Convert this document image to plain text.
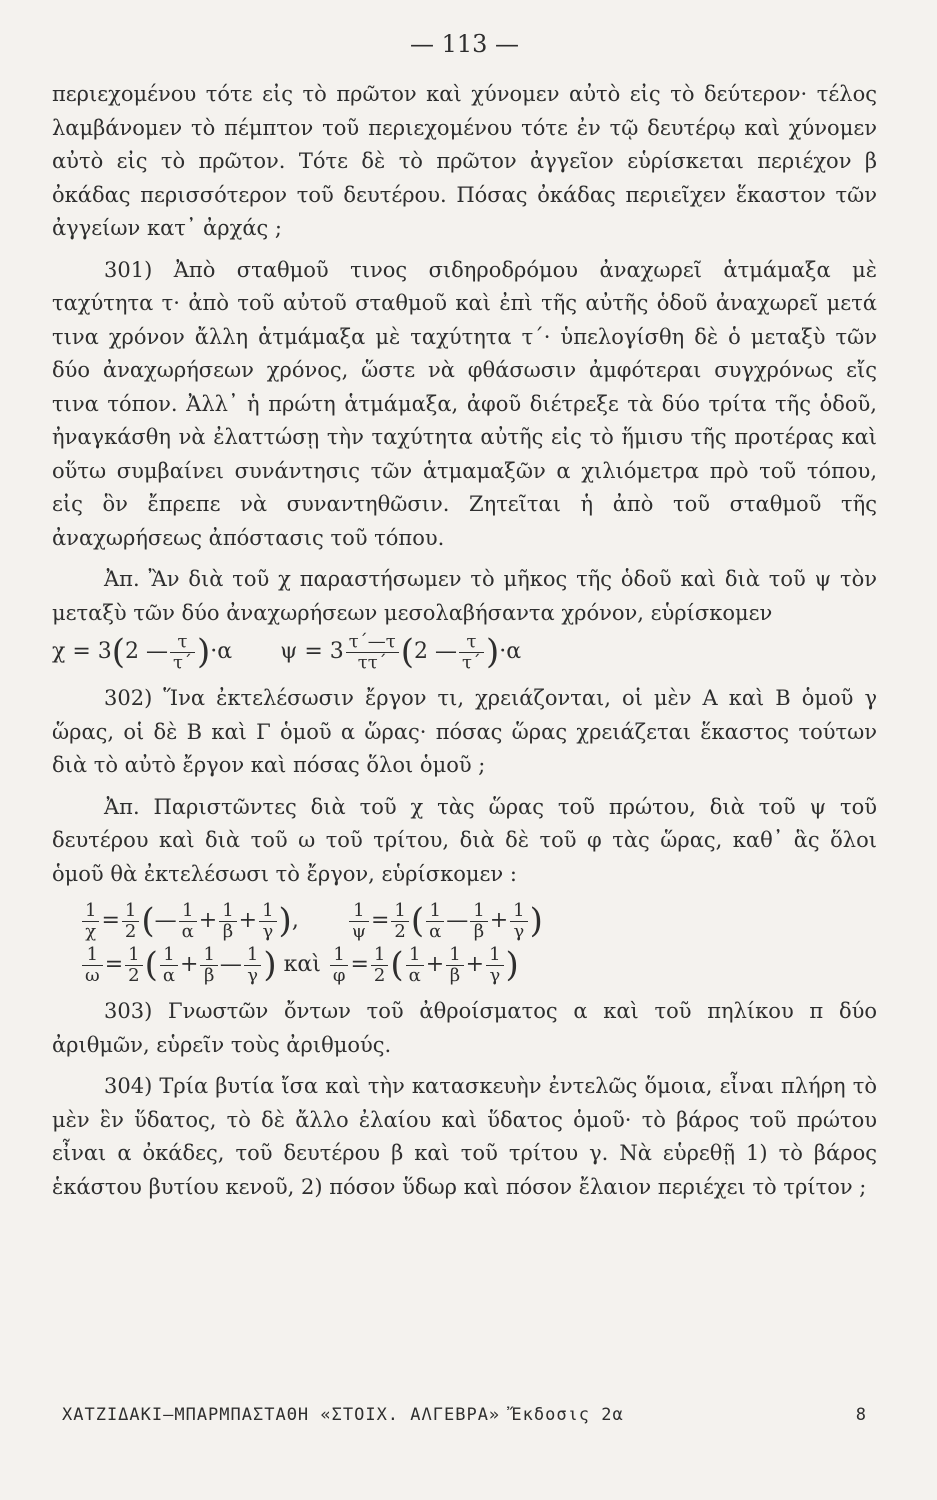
— 113 —

περιεχομένου τότε εἰς τὸ πρῶτον καὶ χύνομεν αὐτὸ εἰς τὸ δεύτερον· τέλος λαμβάνομεν τὸ πέμπτον τοῦ περιεχομένου τότε ἐν τῷ δευτέρῳ καὶ χύνομεν αὐτὸ εἰς τὸ πρῶτον. Τότε δὲ τὸ πρῶτον ἀγγεῖον εὑρίσκεται περιέχον β ὀκάδας περισσότερον τοῦ δευτέρου. Πόσας ὀκάδας περιεῖχεν ἕκαστον τῶν ἀγγείων κατ᾽ ἀρχάς ;

301) Ἀπὸ σταθμοῦ τινος σιδηροδρόμου ἀναχωρεῖ ἁτμάμαξα μὲ ταχύτητα τ· ἀπὸ τοῦ αὐτοῦ σταθμοῦ καὶ ἐπὶ τῆς αὐτῆς ὁδοῦ ἀναχωρεῖ μετά τινα χρόνον ἄλλη ἁτμάμαξα μὲ ταχύτητα τ΄· ὑπελογίσθη δὲ ὁ μεταξὺ τῶν δύο ἀναχωρήσεων χρόνος, ὥστε νὰ φθάσωσιν ἀμφότεραι συγχρόνως εἴς τινα τόπον. Ἀλλ᾽ ἡ πρώτη ἁτμάμαξα, ἀφοῦ διέτρεξε τὰ δύο τρίτα τῆς ὁδοῦ, ἠναγκάσθη νὰ ἐλαττώσῃ τὴν ταχύτητα αὐτῆς εἰς τὸ ἥμισυ τῆς προτέρας καὶ οὕτω συμβαίνει συνάντησις τῶν ἁτμαμαξῶν α χιλιόμετρα πρὸ τοῦ τόπου, εἰς ὃν ἔπρεπε νὰ συναντηθῶσιν. Ζητεῖται ἡ ἀπὸ τοῦ σταθμοῦ τῆς ἀναχωρήσεως ἀπόστασις τοῦ τόπου.

Ἀπ. Ἂν διὰ τοῦ χ παραστήσωμεν τὸ μῆκος τῆς ὁδοῦ καὶ διὰ τοῦ ψ τὸν μεταξὺ τῶν δύο ἀναχωρήσεων μεσολαβήσαντα χρόνον, εὑρίσκομεν

χ = 3(2 — $\frac{\tau}{\tau΄} )\cdot\alpha$ $\psi = 3 \frac{\tau΄—\tau}{\tau\tau΄} (2$ — $\frac{\tau}{\tau΄} )\cdot\alpha$

302) Ἵνα ἐκτελέσωσιν ἔργον τι, χρειάζονται, οἱ μὲν Α καὶ Β ὁμοῦ γ ὥρας, οἱ δὲ Β καὶ Γ ὁμοῦ α ὥρας· πόσας ὥρας χρειάζεται ἕκαστος τούτων διὰ τὸ αὐτὸ ἔργον καὶ πόσας ὅλοι ὁμοῦ ;

Ἀπ. Παριστῶντες διὰ τοῦ χ τὰς ὥρας τοῦ πρώτου, διὰ τοῦ ψ τοῦ δευτέρου καὶ διὰ τοῦ ω τοῦ τρίτου, διὰ δὲ τοῦ φ τὰς ὥρας, καθ᾽ ἃς ὅλοι ὁμοῦ θὰ ἐκτελέσωσι τὸ ἔργον, εὑρίσκομεν :

$\frac{1}{\chi} = \frac{1}{2}$ (— $\frac{1}{\alpha} + \frac{1}{\beta} + \frac{1}{\gamma}$ ), $\frac{1}{\psi} = \frac{1}{2}$ ( $\frac{1}{\alpha}$ — $\frac{1}{\beta} + \frac{1}{\gamma}$ )
$\frac{1}{\omega} = \frac{1}{2}$ ( $\frac{1}{\alpha} + \frac{1}{\beta}$ — $\frac{1}{\gamma}$ ) καὶ $\frac{1}{\varphi} = \frac{1}{2}$ ( $\frac{1}{\alpha} + \frac{1}{\beta} + \frac{1}{\gamma}$ )

303) Γνωστῶν ὄντων τοῦ ἀθροίσματος α καὶ τοῦ πηλίκου π δύο ἀριθμῶν, εὑρεῖν τοὺς ἀριθμούς.

304) Τρία βυτία ἴσα καὶ τὴν κατασκευὴν ἐντελῶς ὅμοια, εἶναι πλήρη τὸ μὲν ἓν ὕδατος, τὸ δὲ ἄλλο ἐλαίου καὶ ὕδατος ὁμοῦ· τὸ βάρος τοῦ πρώτου εἶναι α ὀκάδες, τοῦ δευτέρου β καὶ τοῦ τρίτου γ. Νὰ εὑρεθῇ 1) τὸ βάρος ἑκάστου βυτίου κενοῦ, 2) πόσον ὕδωρ καὶ πόσον ἔλαιον περιέχει τὸ τρίτον ;

ΧΑΤΖΙΔΑΚΙ—ΜΠΑΡΜΠΑΣΤΑΘΗ «ΣΤΟΙΧ. ΑΛΓΕΒΡΑ» Ἔκδοσις 2α	8
